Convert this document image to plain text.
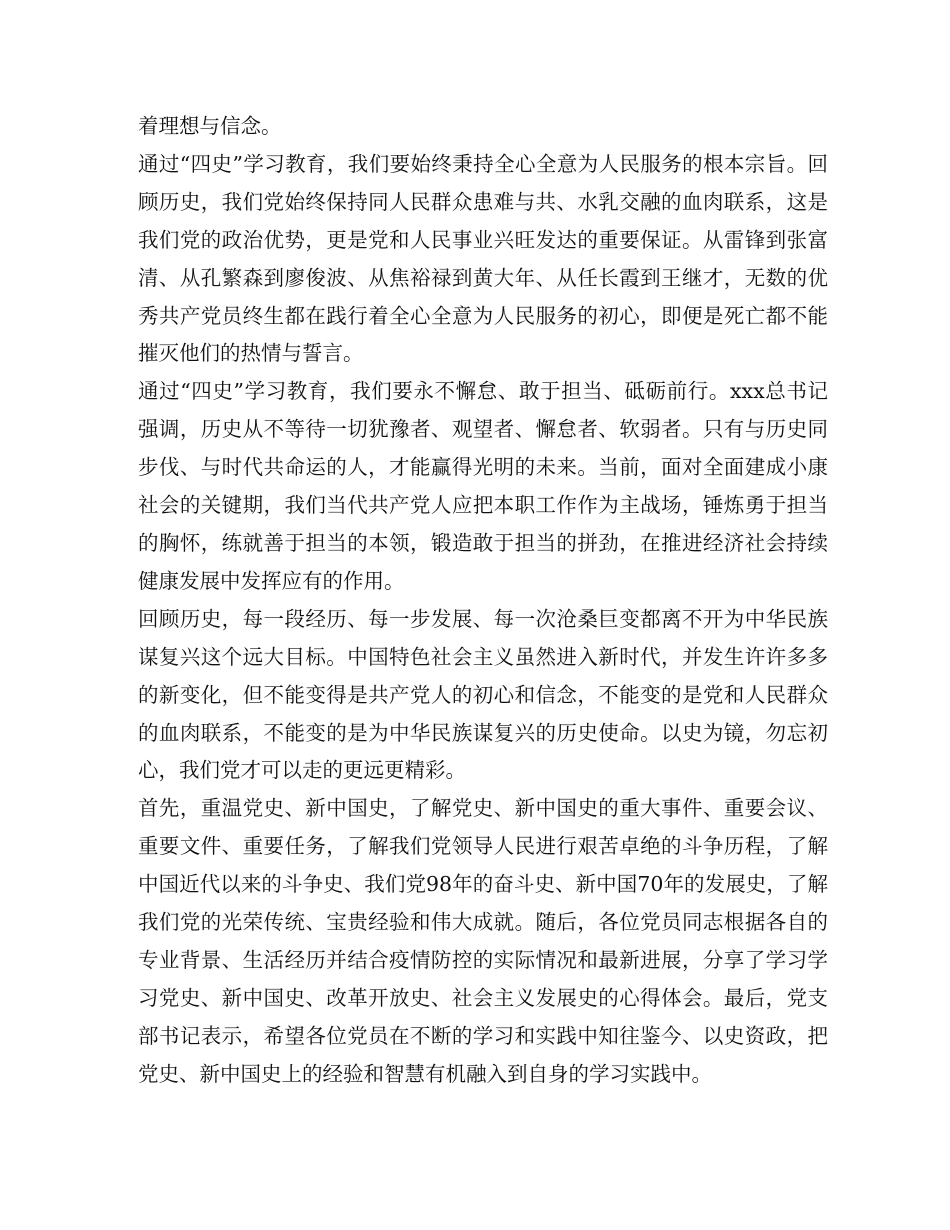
着理想与信念。

通过“四史”学习教育，我们要始终秉持全心全意为人民服务的根本宗旨。回顾历史，我们党始终保持同人民群众患难与共、水乳交融的血肉联系，这是我们党的政治优势，更是党和人民事业兴旺发达的重要保证。从雷锋到张富清、从孔繁森到廖俊波、从焦裕禄到黄大年、从任长霞到王继才，无数的优秀共产党员终生都在践行着全心全意为人民服务的初心，即便是死亡都不能摧灭他们的热情与誓言。

通过“四史”学习教育，我们要永不懈怠、敢于担当、砥砺前行。xxx总书记强调，历史从不等待一切犹豫者、观望者、懈怠者、软弱者。只有与历史同步伐、与时代共命运的人，才能赢得光明的未来。当前，面对全面建成小康社会的关键期，我们当代共产党人应把本职工作作为主战场，锤炼勇于担当的胸怀，练就善于担当的本领，锻造敢于担当的拼劲，在推进经济社会持续健康发展中发挥应有的作用。

回顾历史，每一段经历、每一步发展、每一次沧桑巨变都离不开为中华民族谋复兴这个远大目标。中国特色社会主义虽然进入新时代，并发生许许多多的新变化，但不能变得是共产党人的初心和信念，不能变的是党和人民群众的血肉联系，不能变的是为中华民族谋复兴的历史使命。以史为镜，勿忘初心，我们党才可以走的更远更精彩。

首先，重温党史、新中国史，了解党史、新中国史的重大事件、重要会议、重要文件、重要任务，了解我们党领导人民进行艰苦卓绝的斗争历程，了解中国近代以来的斗争史、我们党98年的奋斗史、新中国70年的发展史，了解我们党的光荣传统、宝贵经验和伟大成就。随后，各位党员同志根据各自的专业背景、生活经历并结合疫情防控的实际情况和最新进展，分享了学习学习党史、新中国史、改革开放史、社会主义发展史的心得体会。最后，党支部书记表示，希望各位党员在不断的学习和实践中知往鉴今、以史资政，把党史、新中国史上的经验和智慧有机融入到自身的学习实践中。
